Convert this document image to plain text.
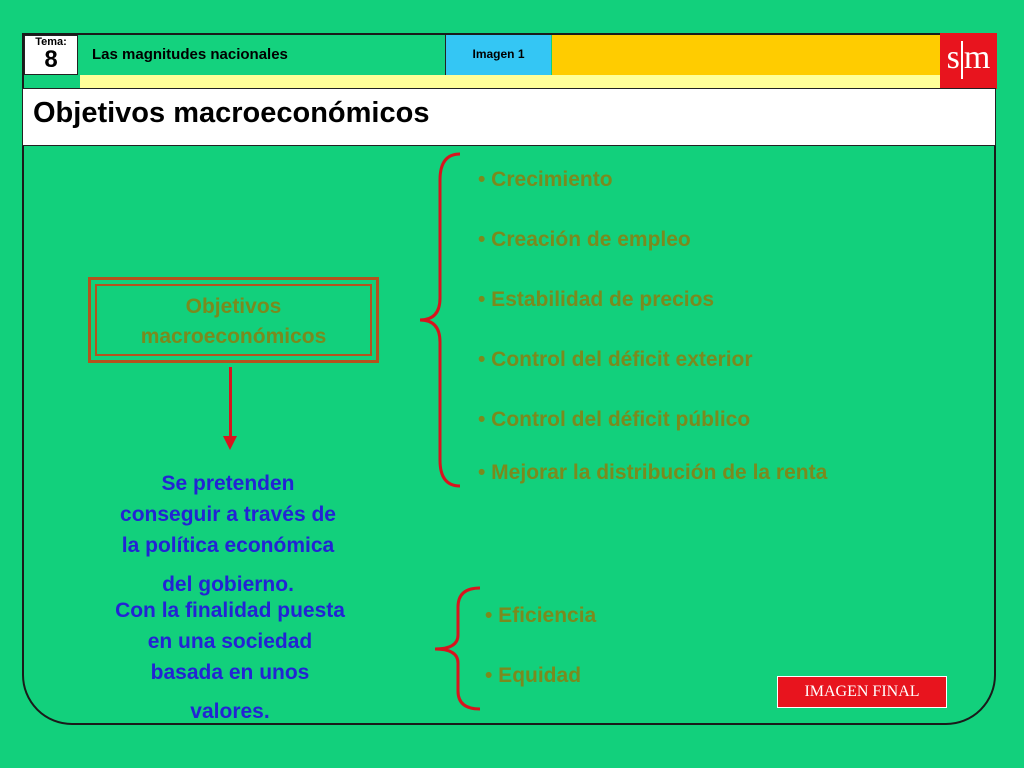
Tema:
8	Las magnitudes nacionales	Imagen 1	s m
Objetivos macroeconómicos
Objetivos
macroeconómicos
Se pretenden
conseguir a través de
la política económica
del gobierno.
Con la finalidad puesta
en una sociedad
basada en unos
valores.
• Crecimiento
• Creación de empleo
• Estabilidad de precios
• Control del déficit exterior
• Control del déficit público
• Mejorar la distribución de la renta
• Eficiencia
• Equidad
IMAGEN FINAL
